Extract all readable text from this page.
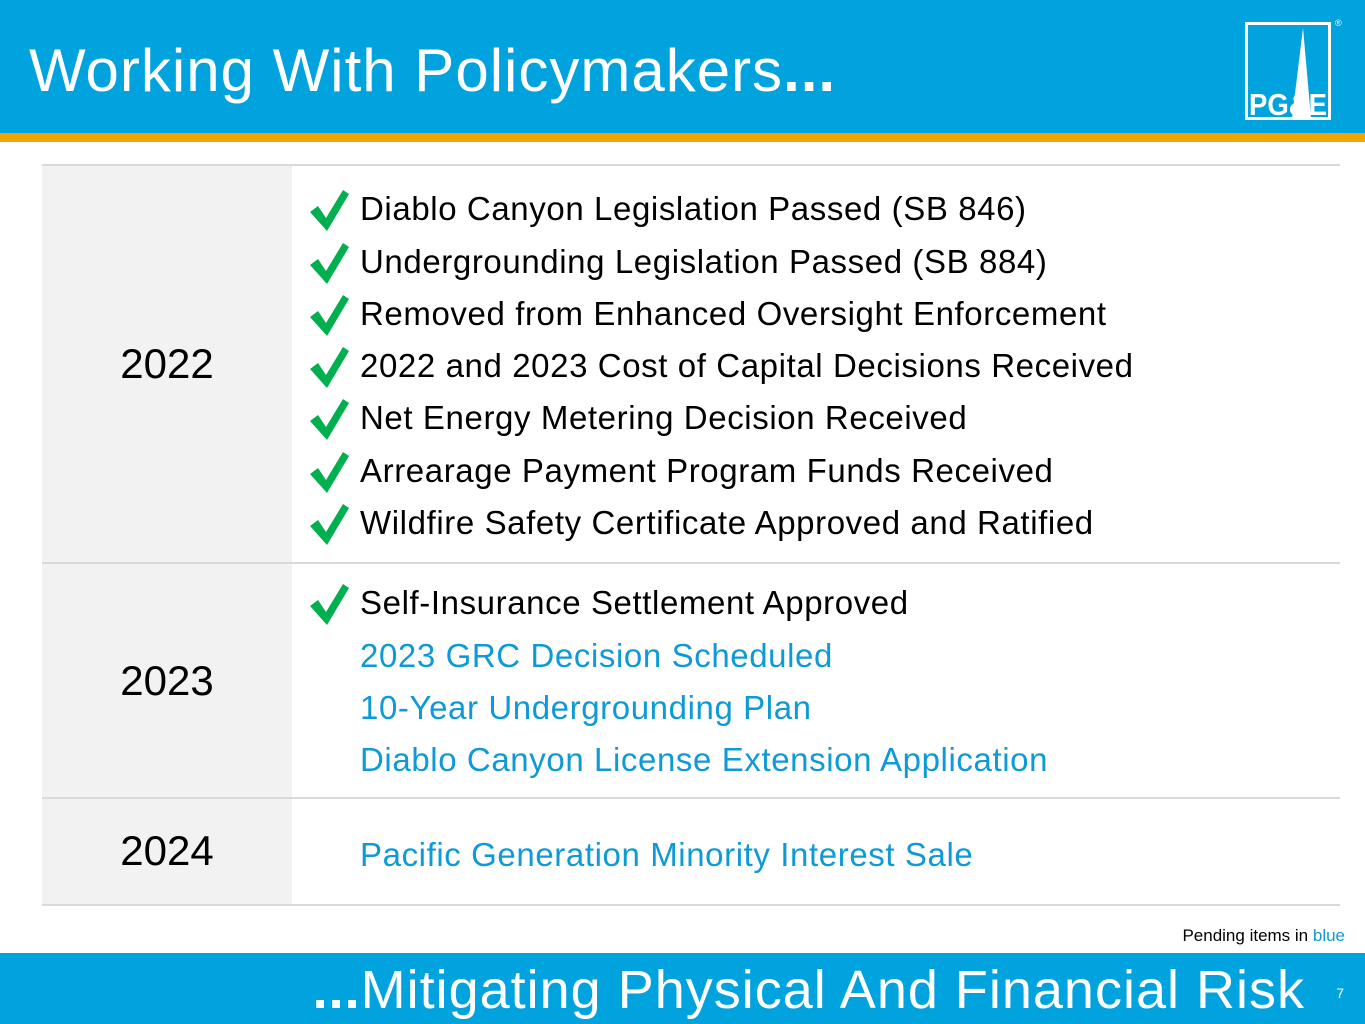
Working With Policymakers...
PG&E
®
2022
Diablo Canyon Legislation Passed (SB 846)
Undergrounding Legislation Passed (SB 884)
Removed from Enhanced Oversight Enforcement
2022 and 2023 Cost of Capital Decisions Received
Net Energy Metering Decision Received
Arrearage Payment Program Funds Received
Wildfire Safety Certificate Approved and Ratified
2023
Self-Insurance Settlement Approved
2023 GRC Decision Scheduled
10-Year Undergrounding Plan
Diablo Canyon License Extension Application
2024	Pacific Generation Minority Interest Sale
Pending items in blue
...Mitigating Physical And Financial Risk 7
